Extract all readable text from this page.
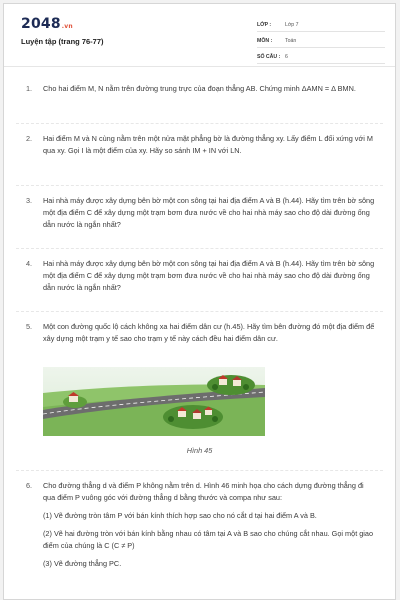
2048.vn
Luyện tập (trang 76-77)
LỚP :	Lớp 7
MÔN :	Toán
SỐ CÂU : 6
1. Cho hai điểm M, N nằm trên đường trung trực của đoạn thẳng AB. Chứng minh ΔAMN = Δ BMN.

2. Hai điểm M và N cùng nằm trên một nửa mặt phẳng bờ là đường thẳng xy. Lấy điểm L đối xứng với M qua xy. Gọi I là một điểm của xy. Hãy so sánh IM + IN với LN.

3. Hai nhà máy được xây dựng bên bờ một con sông tại hai địa điểm A và B (h.44). Hãy tìm trên bờ sông một địa điểm C để xây dựng một trạm bơm đưa nước về cho hai nhà máy sao cho độ dài đường ống dẫn nước là ngắn nhất?

4. Hai nhà máy được xây dựng bên bờ một con sông tại hai địa điểm A và B (h.44). Hãy tìm trên bờ sông một địa điểm C để xây dựng một trạm bơm đưa nước về cho hai nhà máy sao cho độ dài đường ống dẫn nước là ngắn nhất?

5. Một con đường quốc lộ cách không xa hai điểm dân cư (h.45). Hãy tìm bên đường đó một địa điểm để xây dựng một trạm y tế sao cho trạm y tế này cách đều hai điểm dân cư.

Hình 45
6. Cho đường thẳng d và điểm P không nằm trên d. Hình 46 minh họa cho cách dựng đường thẳng đi qua điểm P vuông góc với đường thẳng d bằng thước và compa như sau:

(1) Vẽ đường tròn tâm P với bán kính thích hợp sao cho nó cắt d tại hai điểm A và B.

(2) Vẽ hai đường tròn với bán kính bằng nhau có tâm tại A và B sao cho chúng cắt nhau. Gọi một giao điểm của chúng là C (C ≠ P)

(3) Vẽ đường thẳng PC.
